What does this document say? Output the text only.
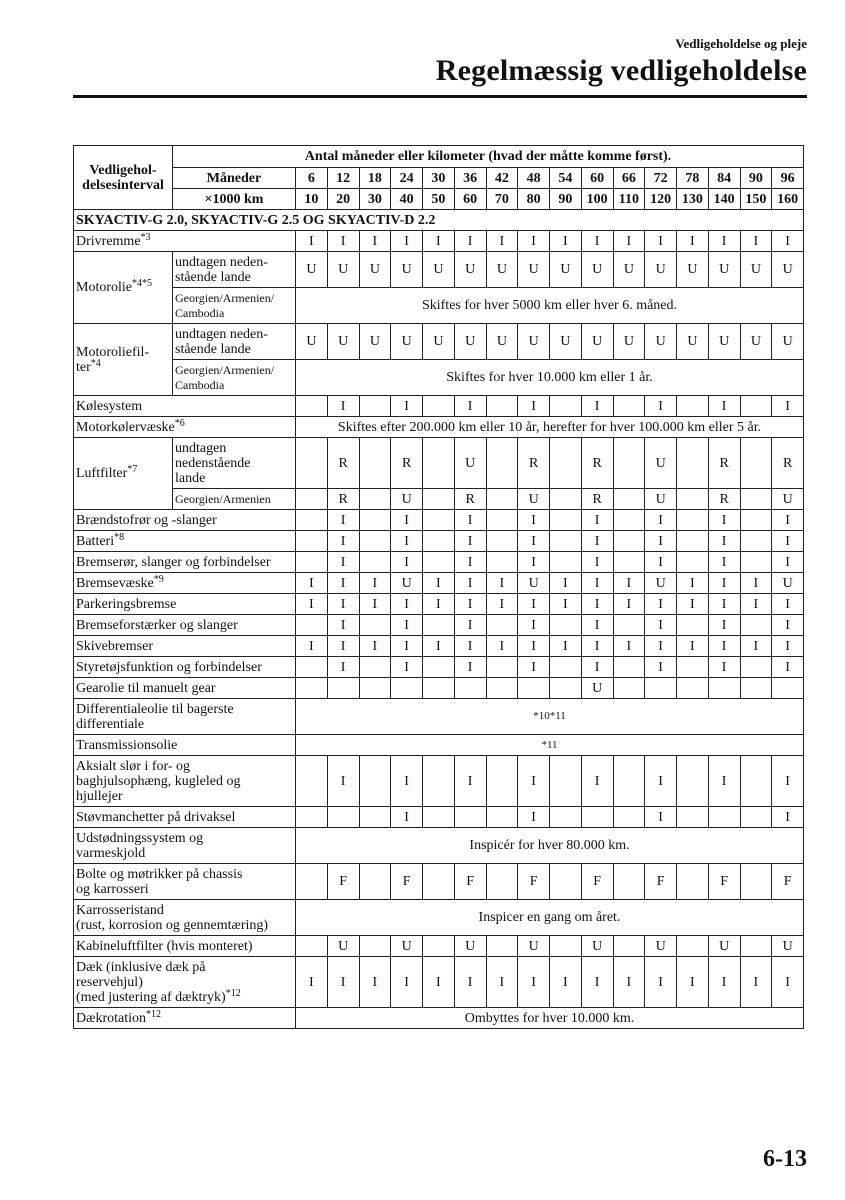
Vedligeholdelse og pleje
Regelmæssig vedligeholdelse
Vedligehol-
delsesinterval	Antal måneder eller kilometer (hvad der måtte komme først).																
	Måneder	6	12	18	24	30	36	42	48	54	60	66	72	78	84	90	96
	×1000 km	10	20	30	40	50	60	70	80	90	100	110	120	130	140	150	160
SKYACTIV-G 2.0, SKYACTIV-G 2.5 OG SKYACTIV-D 2.2																	
Drivremme$^{*3}$		I	I	I	I	I	I	I	I	I	I	I	I	I	I	I	I
Motorolie$^{*4*5}$	undtagen neden-
stående lande	U	U	U	U	U	U	U	U	U	U	U	U	U	U	U	U
	Georgien/Armenien/
Cambodia	Skiftes for hver 5000 km eller hver 6. måned.															
Motoroliefil-
ter$^{*4}$	undtagen neden-
stående lande	U	U	U	U	U	U	U	U	U	U	U	U	U	U	U	U
	Georgien/Armenien/
Cambodia	Skiftes for hver 10.000 km eller 1 år.															
Kølesystem			I		I		I		I		I		I		I		I
Motorkølervæske$^{*6}$		Skiftes efter 200.000 km eller 10 år, herefter for hver 100.000 km eller 5 år.															
Luftfilter$^{*7}$	undtagen
nedenstående
lande		R		R		U		R		R		U		R		R
	Georgien/Armenien		R		U		R		U		R		U		R		U
Brændstofrør og -slanger			I		I		I		I		I		I		I		I
Batteri$^{*8}$			I		I		I		I		I		I		I		I
Bremserør, slanger og forbindelser			I		I		I		I		I		I		I		I
Bremsevæske$^{*9}$		I	I	I	U	I	I	I	U	I	I	I	U	I	I	I	U
Parkeringsbremse		I	I	I	I	I	I	I	I	I	I	I	I	I	I	I	I
Bremseforstærker og slanger			I		I		I		I		I		I		I		I
Skivebremser		I	I	I	I	I	I	I	I	I	I	I	I	I	I	I	I
Styretøjsfunktion og forbindelser			I		I		I		I		I		I		I		I
Gearolie til manuelt gear											U						
Differentialeolie til bagerste
differentiale		*10*11															
Transmissionsolie		*11															
Aksialt slør i for- og
baghjulsophæng, kugleled og
hjullejer			I		I		I		I		I		I		I		I
Støvmanchetter på drivaksel					I				I				I				I
Udstødningssystem og
varmeskjold		Inspicér for hver 80.000 km.															
Bolte og møtrikker på chassis
og karrosseri			F		F		F		F		F		F		F		F
Karrosseristand
(rust, korrosion og gennemtæring)		Inspicer en gang om året.															
Kabineluftfilter (hvis monteret)			U		U		U		U		U		U		U		U
Dæk (inklusive dæk på
reservehjul)
(med justering af dæktryk)$^{*12}$		I	I	I	I	I	I	I	I	I	I	I	I	I	I	I	I
Dækrotation$^{*12}$		Ombyttes for hver 10.000 km.															
6-13
